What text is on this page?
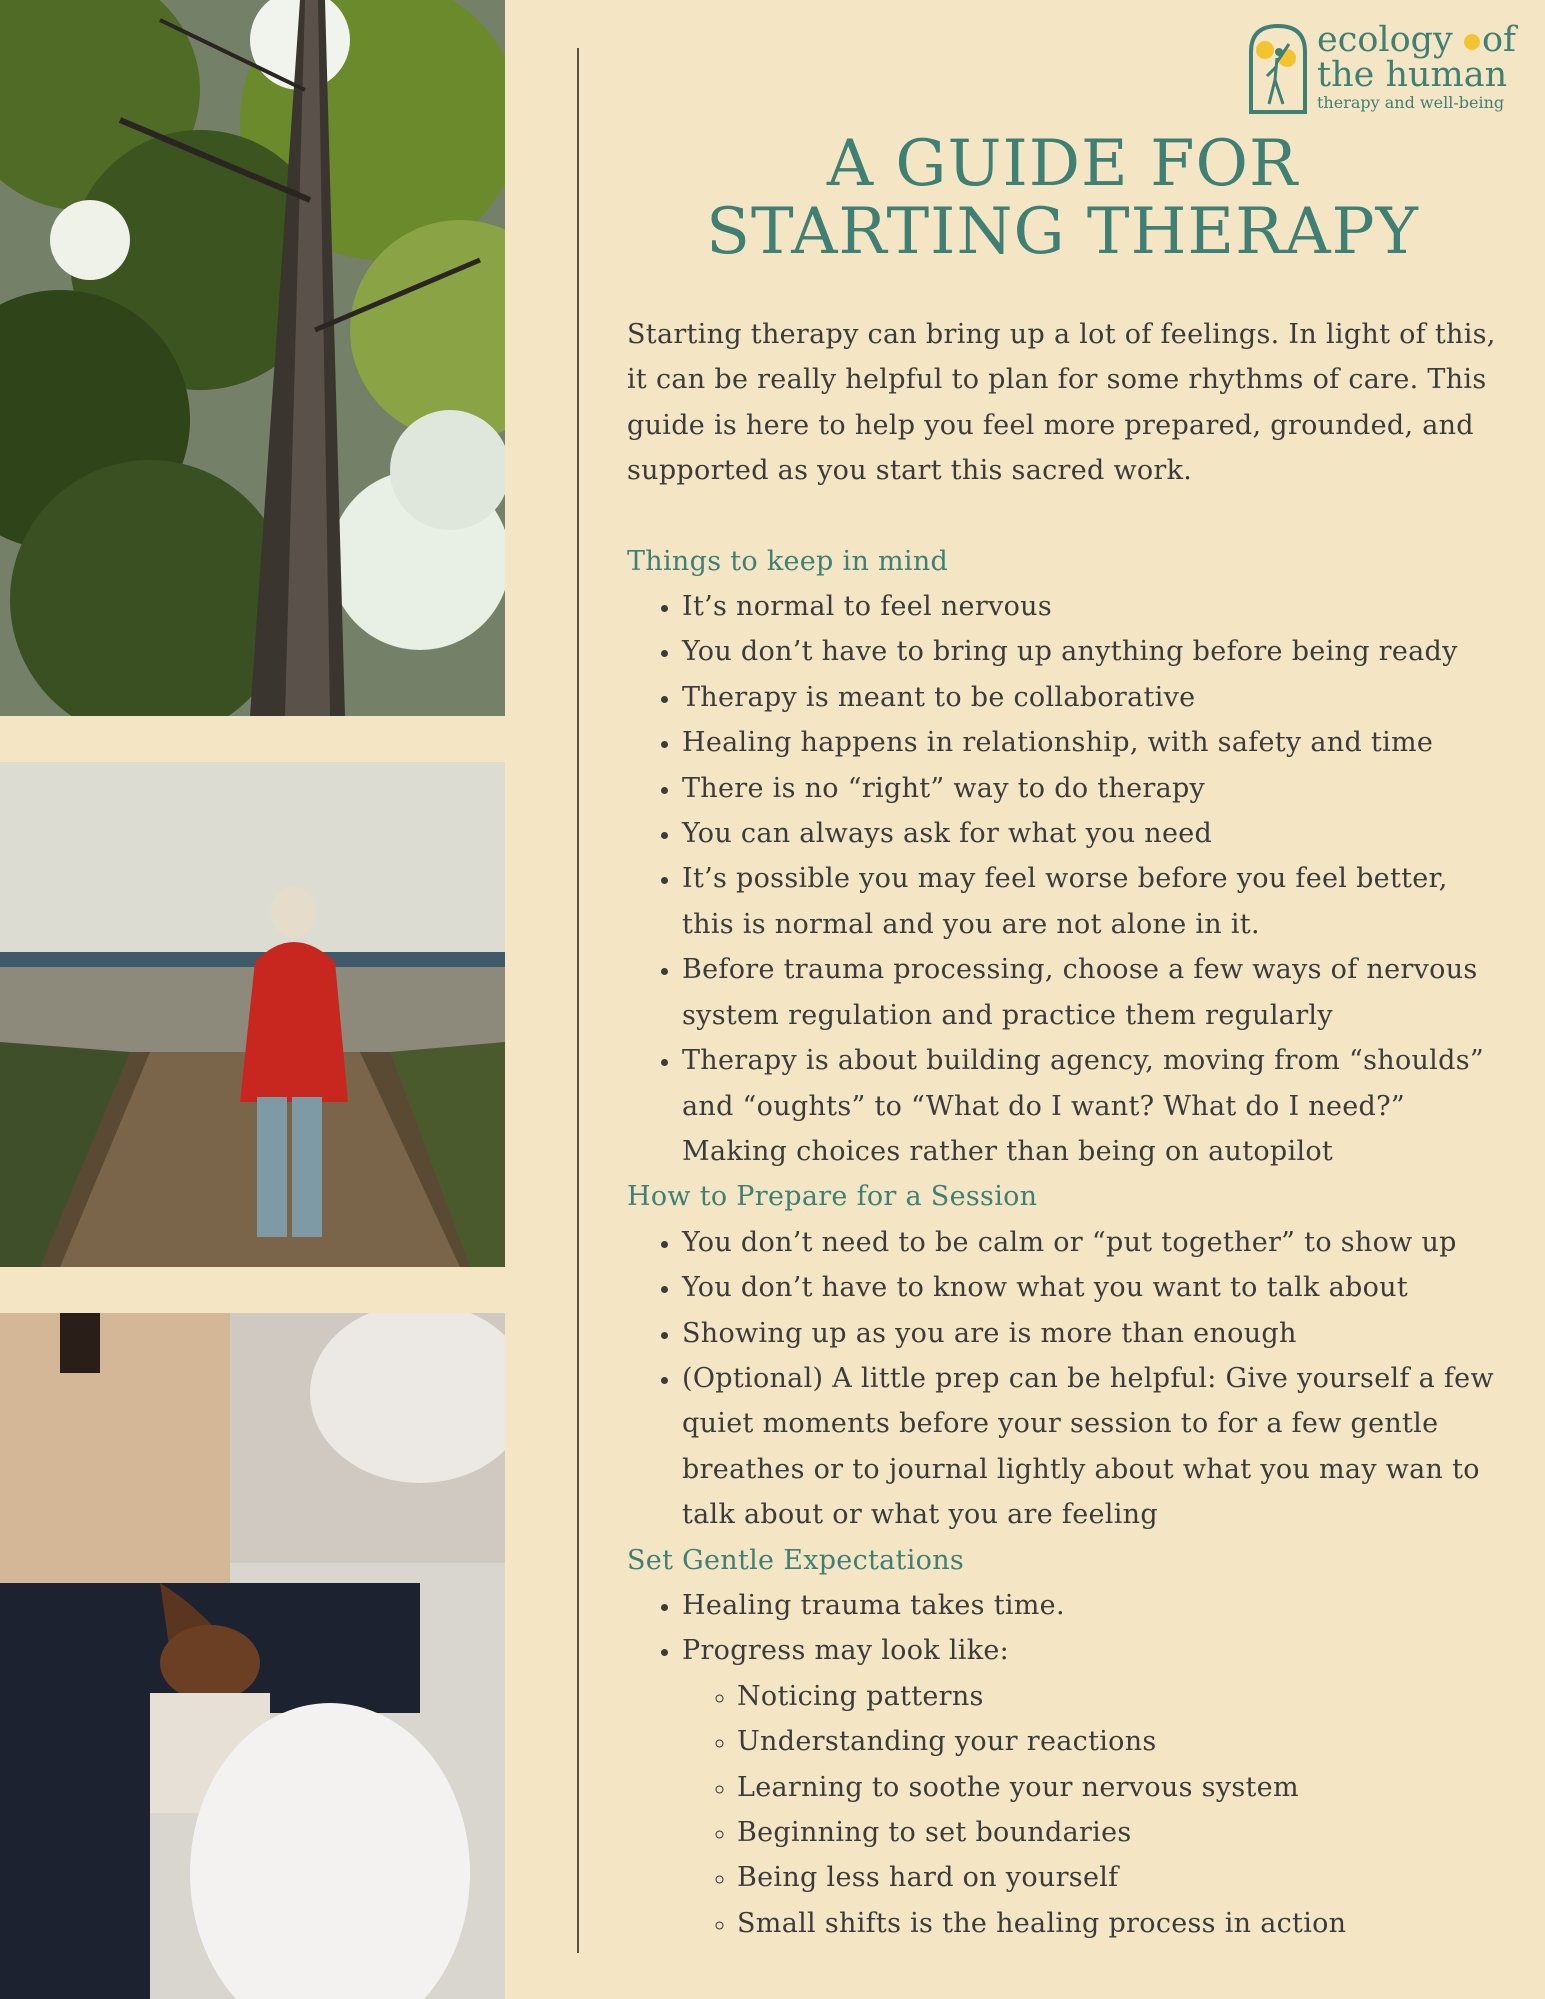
ecology of
the human
therapy and well-being
A GUIDE FOR
STARTING THERAPY

Starting therapy can bring up a lot of feelings. In light of this, it can be really helpful to plan for some rhythms of care. This guide is here to help you feel more prepared, grounded, and supported as you start this sacred work.

Things to keep in mind

• It’s normal to feel nervous
• You don’t have to bring up anything before being ready
• Therapy is meant to be collaborative
• Healing happens in relationship, with safety and time
• There is no “right” way to do therapy
• You can always ask for what you need
• It’s possible you may feel worse before you feel better, this is normal and you are not alone in it.
• Before trauma processing, choose a few ways of nervous system regulation and practice them regularly
• Therapy is about building agency, moving from “shoulds” and “oughts” to “What do I want? What do I need?” Making choices rather than being on autopilot

How to Prepare for a Session

• You don’t need to be calm or “put together” to show up
• You don’t have to know what you want to talk about
• Showing up as you are is more than enough
• (Optional) A little prep can be helpful: Give yourself a few quiet moments before your session to for a few gentle breathes or to journal lightly about what you may wan to talk about or what you are feeling

Set Gentle Expectations

• Healing trauma takes time.
• Progress may look like:
◦ Noticing patterns
◦ Understanding your reactions
◦ Learning to soothe your nervous system
◦ Beginning to set boundaries
◦ Being less hard on yourself
◦ Small shifts is the healing process in action
